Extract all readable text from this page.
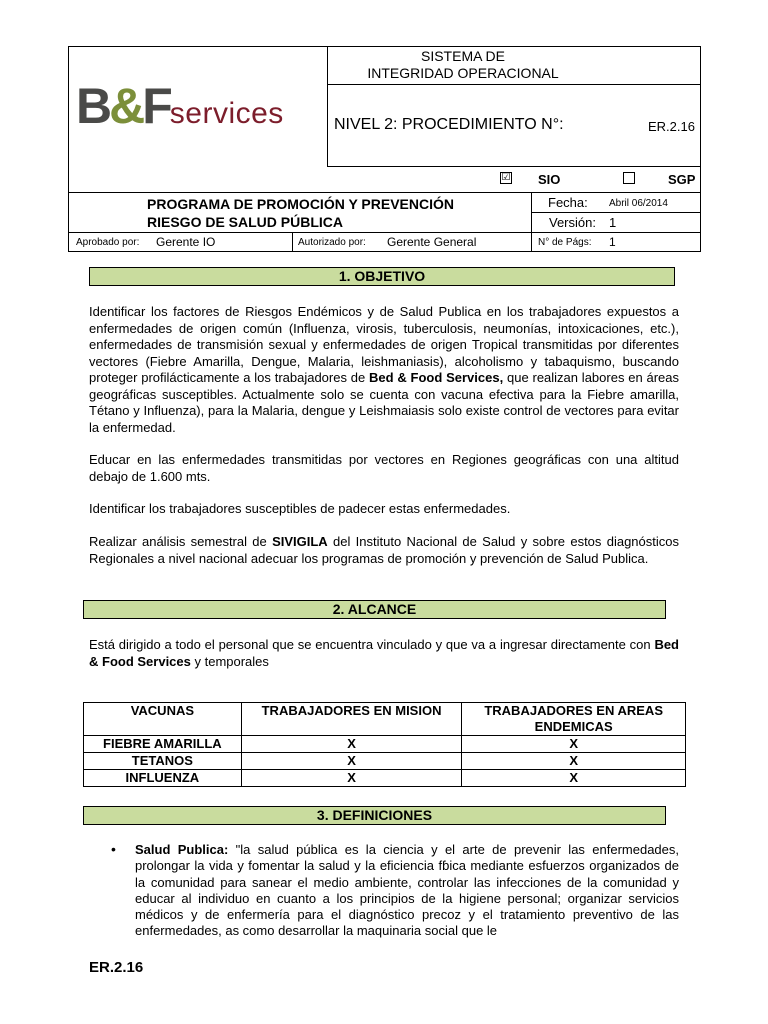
B&Fservices
SISTEMA DE
INTEGRIDAD OPERACIONAL
NIVEL 2: PROCEDIMIENTO N°:	ER.2.16
☑ SIO	SGP
PROGRAMA DE PROMOCIÓN Y PREVENCIÓN
RIESGO DE SALUD PÚBLICA
Fecha: Abril 06/2014
Versión: 1
Aprobado por: Gerente IO	Autorizado por: Gerente General	N° de Págs: 1
1. OBJETIVO
Identificar los factores de Riesgos Endémicos y de Salud Publica en los trabajadores expuestos a enfermedades de origen común (Influenza, virosis, tuberculosis, neumonías, intoxicaciones, etc.), enfermedades de transmisión sexual y enfermedades de origen Tropical transmitidas por diferentes vectores (Fiebre Amarilla, Dengue, Malaria, leishmaniasis), alcoholismo y tabaquismo, buscando proteger profilácticamente a los trabajadores de Bed & Food Services, que realizan labores en áreas geográficas susceptibles. Actualmente solo se cuenta con vacuna efectiva para la Fiebre amarilla, Tétano y Influenza), para la Malaria, dengue y Leishmaiasis solo existe control de vectores para evitar la enfermedad.
Educar en las enfermedades transmitidas por vectores en Regiones geográficas con una altitud debajo de 1.600 mts.
Identificar los trabajadores susceptibles de padecer estas enfermedades.
Realizar análisis semestral de SIVIGILA del Instituto Nacional de Salud y sobre estos diagnósticos Regionales a nivel nacional adecuar los programas de promoción y prevención de Salud Publica.
2. ALCANCE
Está dirigido a todo el personal que se encuentra vinculado y que va a ingresar directamente con Bed & Food Services y temporales
VACUNAS	TRABAJADORES EN MISION	TRABAJADORES EN AREAS ENDEMICAS
FIEBRE AMARILLA	X	X
TETANOS	X	X
INFLUENZA	X	X
3. DEFINICIONES
• Salud Publica: "la salud pública es la ciencia y el arte de prevenir las enfermedades, prolongar la vida y fomentar la salud y la eficiencia fɓica mediante esfuerzos organizados de la comunidad para sanear el medio ambiente, controlar las infecciones de la comunidad y educar al individuo en cuanto a los principios de la higiene personal; organizar servicios médicos y de enfermería para el diagnóstico precoz y el tratamiento preventivo de las enfermedades, as como desarrollar la maquinaria social que le
ER.2.16
